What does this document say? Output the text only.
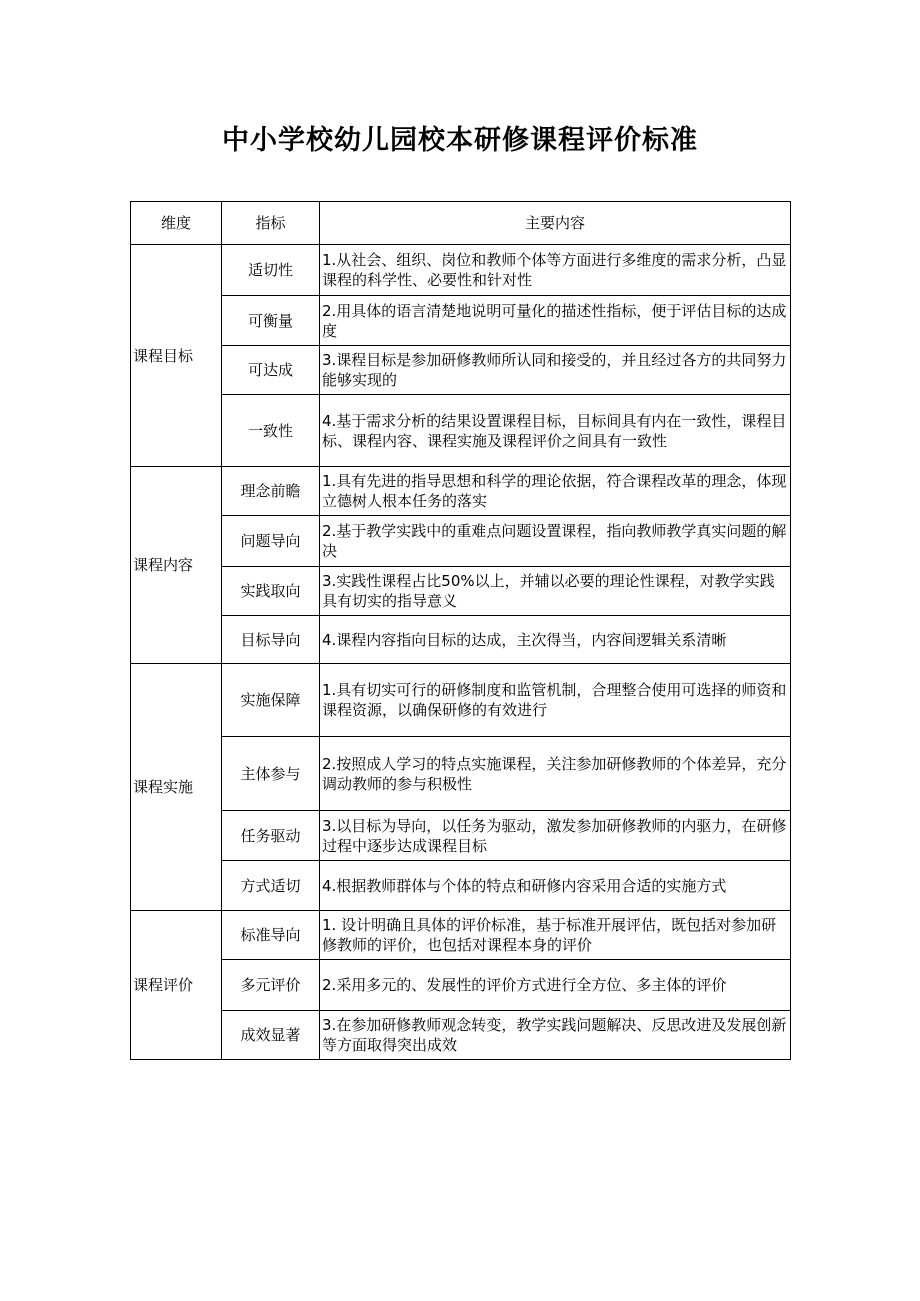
中小学校幼儿园校本研修课程评价标准
维度	指标	主要内容
课程目标	适切性	1.从社会、组织、岗位和教师个体等方面进行多维度的需求分析，凸显课程的科学性、必要性和针对性
	可衡量	2.用具体的语言清楚地说明可量化的描述性指标，便于评估目标的达成度
	可达成	3.课程目标是参加研修教师所认同和接受的，并且经过各方的共同努力能够实现的
	一致性	4.基于需求分析的结果设置课程目标，目标间具有内在一致性，课程目标、课程内容、课程实施及课程评价之间具有一致性
课程内容	理念前瞻	1.具有先进的指导思想和科学的理论依据，符合课程改革的理念，体现立德树人根本任务的落实
	问题导向	2.基于教学实践中的重难点问题设置课程，指向教师教学真实问题的解决
	实践取向	3.实践性课程占比50%以上，并辅以必要的理论性课程，对教学实践具有切实的指导意义
	目标导向	4.课程内容指向目标的达成，主次得当，内容间逻辑关系清晰
课程实施	实施保障	1.具有切实可行的研修制度和监管机制，合理整合使用可选择的师资和课程资源，以确保研修的有效进行
	主体参与	2.按照成人学习的特点实施课程，关注参加研修教师的个体差异，充分调动教师的参与积极性
	任务驱动	3.以目标为导向，以任务为驱动，激发参加研修教师的内驱力，在研修过程中逐步达成课程目标
	方式适切	4.根据教师群体与个体的特点和研修内容采用合适的实施方式
课程评价	标准导向	1. 设计明确且具体的评价标准，基于标准开展评估，既包括对参加研修教师的评价，也包括对课程本身的评价
	多元评价	2.采用多元的、发展性的评价方式进行全方位、多主体的评价
	成效显著	3.在参加研修教师观念转变，教学实践问题解决、反思改进及发展创新等方面取得突出成效
